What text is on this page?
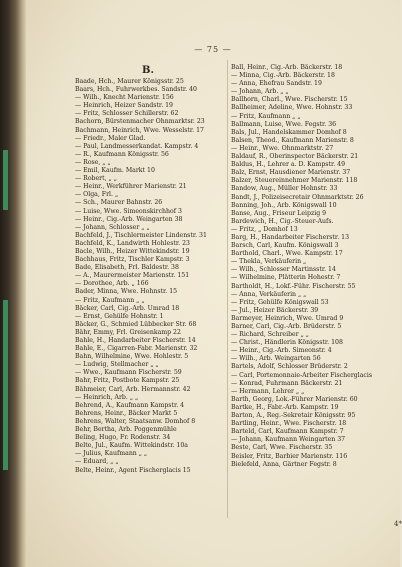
— 75 —
B.
Baade, Hch., Maurer Königsstr. 25
Baars, Hch., Fuhrwerkbes. Sandstr. 40
— Wilh., Knecht Marienstr. 156
— Heinrich, Heizer Sandstr. 19
— Fritz, Schlosser Schillerstr. 62
Bachorn, Bürstenmacher Ohnmarktsr. 23
Bachmann, Heinrich, Wwe. Wesselstr. 17
— Friedr., Maler Glad.
— Paul, Landmesserkandat. Kampstr. 4
— R., Kaufmann Königsstr. 56
— Rose, „ „
— Emil, Kaufm. Markt 10
— Robert, „ „
— Heinr., Werkführer Marienstr. 21
— Olga, Frl. „
— Sch., Maurer Bahnstr. 26
— Luise, Wwe. Simeonskirchhof 3
— Heinr., Cig.-Arb. Weingarten 38
— Johann, Schlosser „ „
Bachfeld, J., Tischlermeister Lindenstr. 31
Bachfeld, K., Landwirth Hohlestr. 23
Bacle, Wilh., Heizer Wittekindstr. 19
Bachhaus, Fritz, Tischler Kampstr. 3
Bade, Elisabeth, Frl. Baldestr. 38
— A., Maurermeister Marienstr. 151
— Dorothee, Arb. „ 166
Bader, Minna, Wwe. Hohnstr. 15
— Fritz, Kaufmann „ „
Bäcker, Carl, Cig.-Arb. Umrad 18
— Ernst, Gehülfe Hohnstr. 1
Bäcker, G., Schmied Lübbecker Str. 68
Bähr, Emmy, Frl. Greisenkamp 22
Bahle, H., Handarbeiter Fischerstr. 14
Bahle, E., Cigarren-Fabr. Marienstr. 32
Bahn, Wilhelmine, Wwe. Hohlestr. 5
— Ludwig, Stellmacher „ „
— Wwe., Kaufmann Fischerstr. 59
Bahr, Fritz, Postbote Kampstr. 25
Bähmeier, Carl, Arb. Hermannstr. 42
— Heinrich, Arb. „ „
Behrend, A., Kaufmann Kampstr. 4
Behrens, Heinr., Bäcker Markt 5
Behrens, Walter, Staatsanw. Domhof 8
Behr, Bertha, Arb. Poggenmühle
Beling, Hugo, Fr. Rodenstr. 34
Belte, Jul., Kaufm. Wittekindstr. 10a
— Julius, Kaufmann „ „
— Eduard, „ „
Belte, Heinr., Agent Fischerglacis 15
Ball, Heinr., Cig.-Arb. Bäckerstr. 18
— Minna, Cig.-Arb. Bäckerstr. 18
— Anna, Ehefrau Sandstr. 19
— Johann, Arb. „ „
Ballhorn, Charl., Wwe. Fischerstr. 15
Ballheimer, Adeline, Wwe. Hohnstr. 33
— Fritz, Kaufmann „ „
Ballmann, Luise, Wwe. Fegstr. 36
Bals, Jul., Handelskammer Domhof 8
Balsen, Theod., Kaufmann Marienstr. 8
— Heinr., Wwe. Ohnmarktstr. 27
Baldauf, R., Oberinspector Bäckerstr. 21
Baldus, H., Lehrer a. D. Kampstr. 49
Balz, Ernst, Hausdiener Marienstr. 37
Balzer, Steuereinnehmer Marienstr. 118
Bandow, Aug., Müller Hohnstr. 33
Bandt, J., Polizeisecretair Ohnmarktstr. 26
Banning, Joh., Arb. Königswall 10
Banse, Aug., Friseur Leipzig 9
Bardewich, H., Cig.-Steuer-Aufs.
— Fritz, „ Domhof 13
Barg, H., Handarbeiter Fischerstr. 13
Barsch, Carl, Kaufm. Königswall 3
Barthold, Charl., Wwe. Kampstr. 17
— Thekla, Verkäuferin „
— Wilh., Schlosser Martinsstr. 14
— Wilhelmine, Plätterin Hohestr. 7
Bartholdt, H., Lokf.-Führ. Fischerstr. 55
— Anna, Verkäuferin „ „
— Fritz, Gehülfe Königswall 53
— Jul., Heizer Bäckerstr. 39
Barmeyer, Heinrich, Wwe. Umrad 9
Barner, Carl, Cig.-Arb. Brüderstr. 5
— Richard, Schreiber „ „
— Christ., Händlerin Königsstr. 108
— Heinr., Cig.-Arb. Simeonstr. 4
— Wilh., Arb. Weingarten 56
Bartels, Adolf, Schlosser Brüderstr. 2
— Carl, Portemonnaie-Arbeiter Fischerglacis
— Konrad, Fuhrmann Bäckerstr. 21
— Hermann, Lehrer „ „
Barth, Georg, Lok.-Führer Marienstr. 60
Bartke, H., Fabr.-Arb. Kampstr. 19
Barton, A., Reg.-Sekretair Königsstr. 95
Bartling, Heinr., Wwe. Fischerstr. 18
Barteld, Carl, Kaufmann Kampstr. 7
— Johann, Kaufmann Weingarten 37
Beste, Carl, Wwe. Fischerstr. 35
Beisler, Fritz, Barbier Marienstr. 116
Bielefeld, Anna, Gärtner Fegstr. 8
4*
